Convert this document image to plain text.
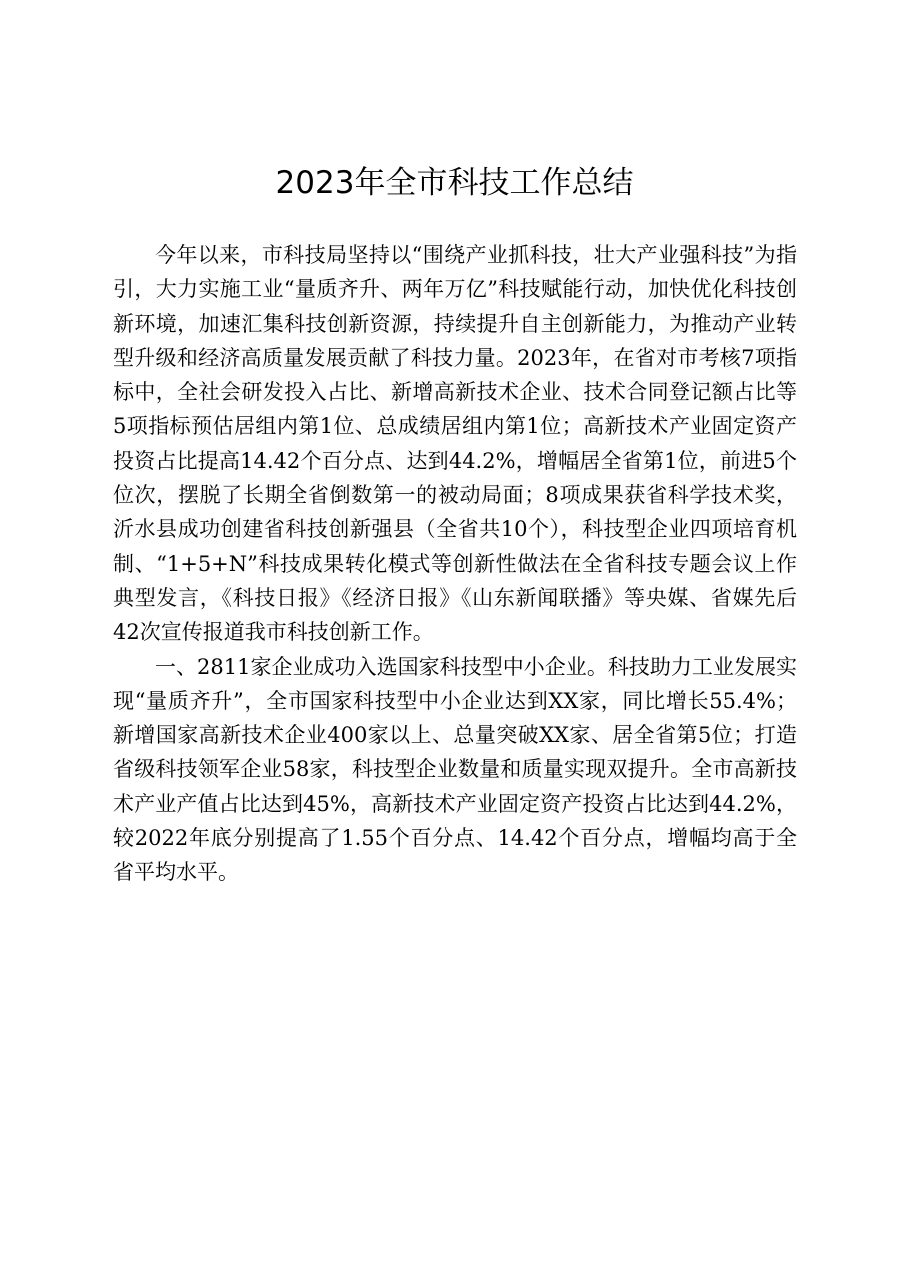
2023年全市科技工作总结

今年以来，市科技局坚持以“围绕产业抓科技，壮大产业强科技”为指引，大力实施工业“量质齐升、两年万亿”科技赋能行动，加快优化科技创新环境，加速汇集科技创新资源，持续提升自主创新能力，为推动产业转型升级和经济高质量发展贡献了科技力量。2023年，在省对市考核7项指标中，全社会研发投入占比、新增高新技术企业、技术合同登记额占比等5项指标预估居组内第1位、总成绩居组内第1位；高新技术产业固定资产投资占比提高14.42个百分点、达到44.2%，增幅居全省第1位，前进5个位次，摆脱了长期全省倒数第一的被动局面；8项成果获省科学技术奖，沂水县成功创建省科技创新强县（全省共10个），科技型企业四项培育机制、“1+5+N”科技成果转化模式等创新性做法在全省科技专题会议上作典型发言，《科技日报》《经济日报》《山东新闻联播》等央媒、省媒先后42次宣传报道我市科技创新工作。

一、2811家企业成功入选国家科技型中小企业。科技助力工业发展实现“量质齐升”，全市国家科技型中小企业达到XX家，同比增长55.4%；新增国家高新技术企业400家以上、总量突破XX家、居全省第5位；打造省级科技领军企业58家，科技型企业数量和质量实现双提升。全市高新技术产业产值占比达到45%，高新技术产业固定资产投资占比达到44.2%，较2022年底分别提高了1.55个百分点、14.42个百分点，增幅均高于全省平均水平。
